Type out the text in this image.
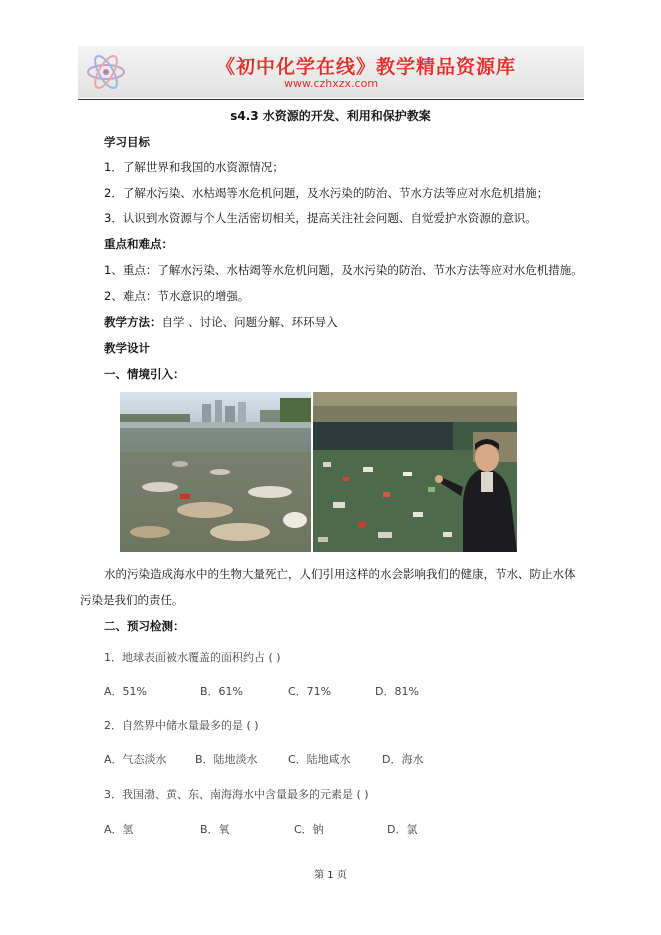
《初中化学在线》教学精品资源库
www.czhxzx.com
s4.3 水资源的开发、利用和保护教案
学习目标
1．了解世界和我国的水资源情况；
2．了解水污染、水枯竭等水危机问题，及水污染的防治、节水方法等应对水危机措施；
3．认识到水资源与个人生活密切相关，提高关注社会问题、自觉爱护水资源的意识。
重点和难点：
1、重点：了解水污染、水枯竭等水危机问题，及水污染的防治、节水方法等应对水危机措施。
2、难点：节水意识的增强。
教学方法：自学 、讨论、问题分解、环环导入
教学设计
一、情境引入：
水的污染造成海水中的生物大量死亡，人们引用这样的水会影响我们的健康，节水、防止水体
污染是我们的责任。
二、预习检测：
1．地球表面被水覆盖的面积约占 ( )
A．51%	B．61%	C．71%	D．81%
2．自然界中储水量最多的是 ( )
A．气态淡水	B．陆地淡水	C．陆地咸水	D．海水
3．我国渤、黄、东、南海海水中含量最多的元素是 ( )
A．氢	B．氧	C．钠	D．氯
第 1 页
